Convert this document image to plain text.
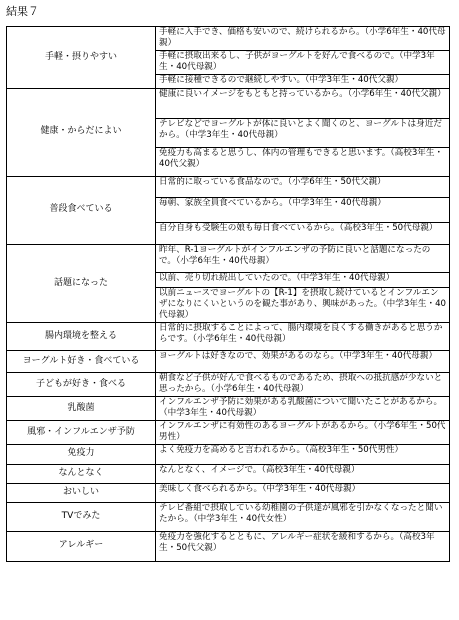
結果７
手軽・摂りやすい	手軽に入手でき、価格も安いので、続けられるから。（小学6年生・40代母親）
	手軽に摂取出来るし、子供がヨーグルトを好んで食べるので。（中学3年生・40代母親）
	手軽に接種できるので継続しやすい。（中学3年生・40代父親）
健康・からだによい	健康に良いイメージをもともと持っているから。（小学6年生・40代父親）
	テレビなどでヨーグルトが体に良いとよく聞くのと、ヨーグルトは身近だから。（中学3年生・40代母親）
	免疫力も高まると思うし、体内の管理もできると思います。（高校3年生・40代父親）
普段食べている	日常的に取っている食品なので。（小学6年生・50代父親）
	毎朝、家族全員食べているから。（中学3年生・40代母親）
	自分自身も受験生の娘も毎日食べているから。（高校3年生・50代母親）
話題になった	昨年、R-1ヨーグルトがインフルエンザの予防に良いと話題になったので。（小学6年生・40代母親）
	以前、売り切れ続出していたので。（中学3年生・40代母親）
	以前ニュースでヨーグルトの【R-1】を摂取し続けているとインフルエンザになりにくいというのを観た事があり、興味があった。（中学3年生・40代母親）
腸内環境を整える	日常的に摂取することによって、腸内環境を良くする働きがあると思うからです。（小学6年生・40代母親）
ヨーグルト好き・食べている	ヨーグルトは好きなので、効果があるのなら。（中学3年生・40代母親）
子どもが好き・食べる	朝食など子供が好んで食べるものであるため、摂取への抵抗感が少ないと思ったから。（小学6年生・40代母親）
乳酸菌	インフルエンザ予防に効果がある乳酸菌について聞いたことがあるから。（中学3年生・40代母親）
風邪・インフルエンザ予防	インフルエンザに有効性のあるヨーグルトがあるから。（小学6年生・50代男性）
免疫力	よく免疫力を高めると言われるから。（高校3年生・50代男性）
なんとなく	なんとなく、イメージで。（高校3年生・40代母親）
おいしい	美味しく食べられるから。（中学3年生・40代母親）
TVでみた	テレビ番組で摂取している幼稚園の子供達が風邪を引かなくなったと聞いたから。（中学3年生・40代女性）
アレルギー	免疫力を強化するとともに、アレルギー症状を緩和するから。（高校3年生・50代父親）
